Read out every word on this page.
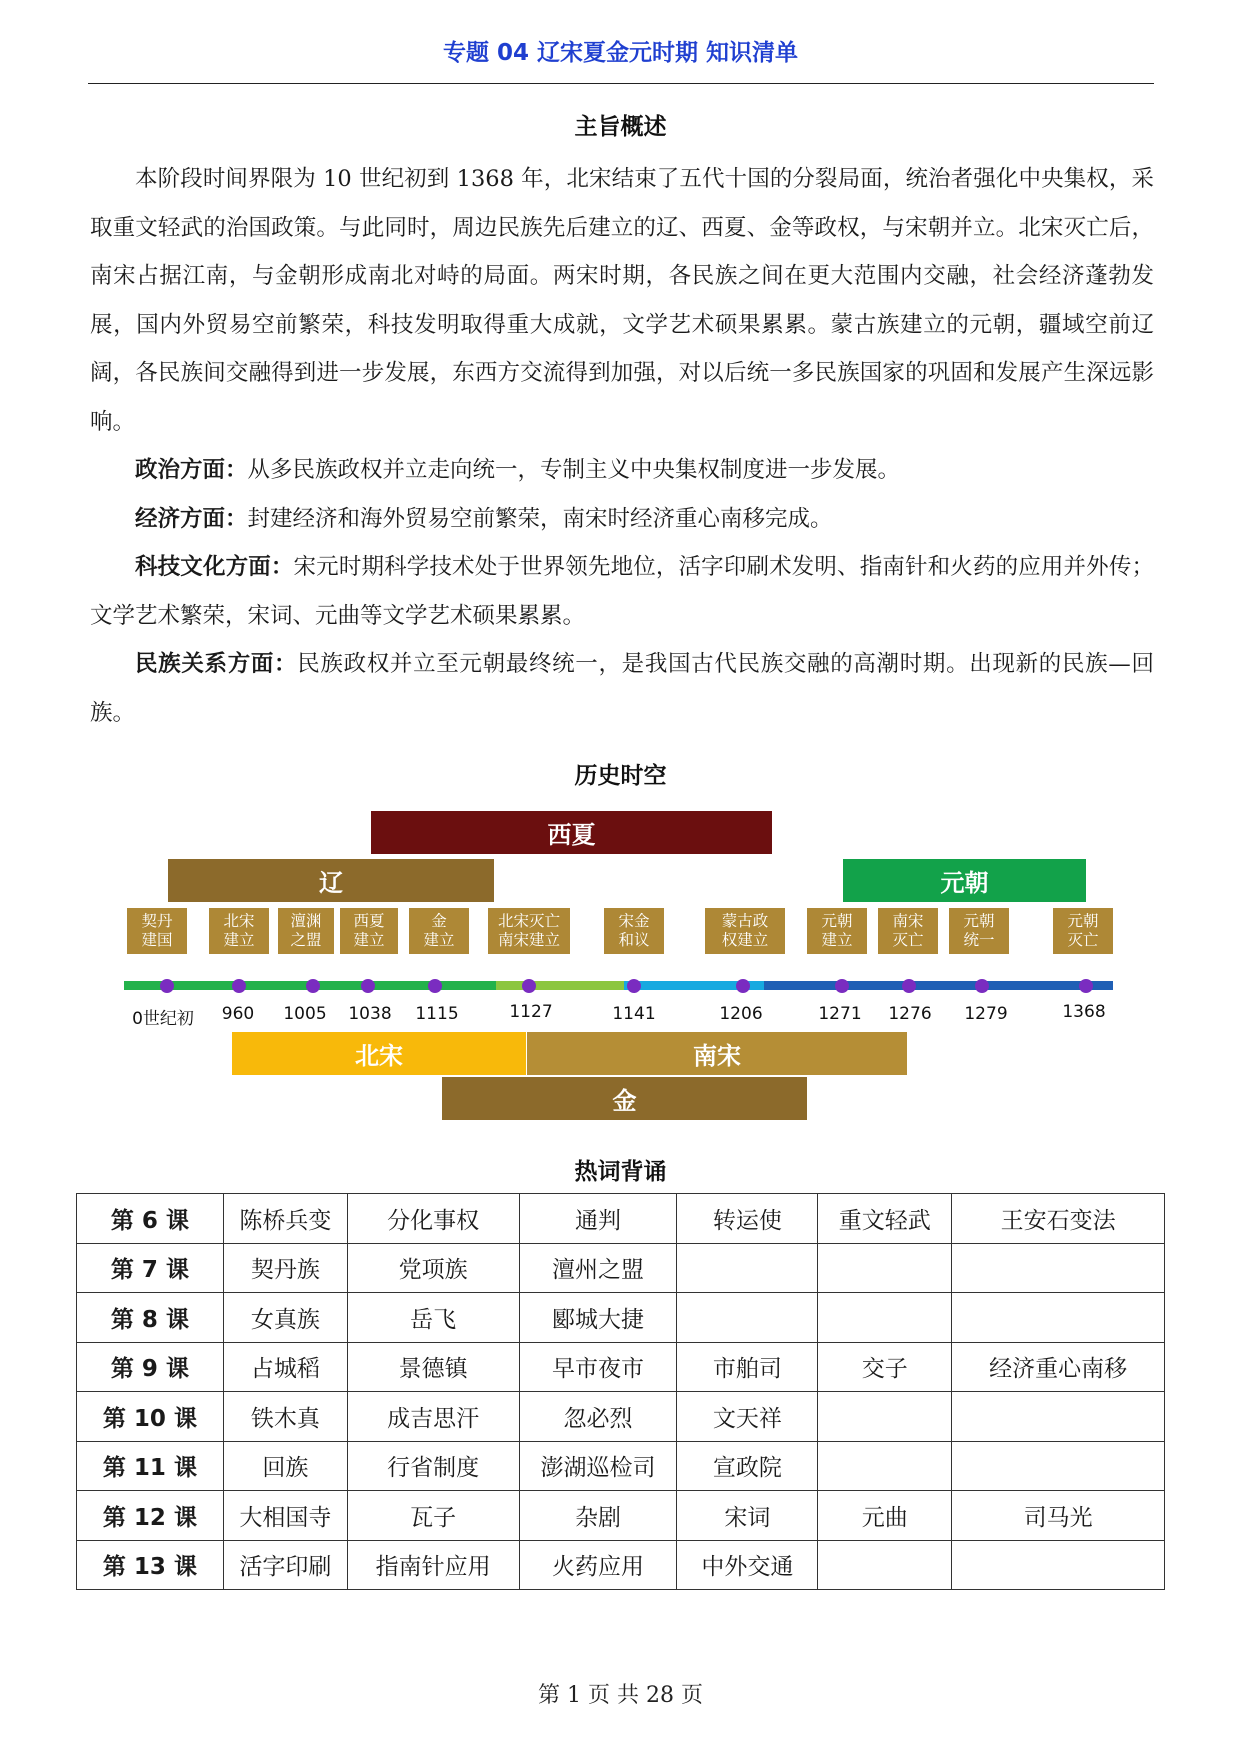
专题 04 辽宋夏金元时期 知识清单
主旨概述

本阶段时间界限为 10 世纪初到 1368 年，北宋结束了五代十国的分裂局面，统治者强化中央集权，采取重文轻武的治国政策。与此同时，周边民族先后建立的辽、西夏、金等政权，与宋朝并立。北宋灭亡后，南宋占据江南，与金朝形成南北对峙的局面。两宋时期，各民族之间在更大范围内交融，社会经济蓬勃发展，国内外贸易空前繁荣，科技发明取得重大成就，文学艺术硕果累累。蒙古族建立的元朝，疆域空前辽阔，各民族间交融得到进一步发展，东西方交流得到加强，对以后统一多民族国家的巩固和发展产生深远影响。

政治方面：从多民族政权并立走向统一，专制主义中央集权制度进一步发展。

经济方面：封建经济和海外贸易空前繁荣，南宋时经济重心南移完成。

科技文化方面：宋元时期科学技术处于世界领先地位，活字印刷术发明、指南针和火药的应用并外传；文学艺术繁荣，宋词、元曲等文学艺术硕果累累。

民族关系方面：民族政权并立至元朝最终统一，是我国古代民族交融的高潮时期。出现新的民族—回族。

历史时空
西夏
辽	元朝
契丹
建国
北宋
建立
澶渊
之盟
西夏
建立
金
建立
北宋灭亡
南宋建立
宋金
和议
蒙古政
权建立
元朝
建立
南宋
灭亡
元朝
统一
元朝
灭亡
0世纪初 960 1005 1038 1115	1127	1141	1206	1271 1276 1279	1368
北宋	南宋
金
热词背诵
第 6 课	陈桥兵变	分化事权	通判	转运使	重文轻武	王安石变法
第 7 课	契丹族	党项族	澶州之盟			
第 8 课	女真族	岳飞	郾城大捷			
第 9 课	占城稻	景德镇	早市夜市	市舶司	交子	经济重心南移
第 10 课	铁木真	成吉思汗	忽必烈	文天祥		
第 11 课	回族	行省制度	澎湖巡检司	宣政院		
第 12 课	大相国寺	瓦子	杂剧	宋词	元曲	司马光
第 13 课	活字印刷	指南针应用	火药应用	中外交通		
第 1 页 共 28 页
